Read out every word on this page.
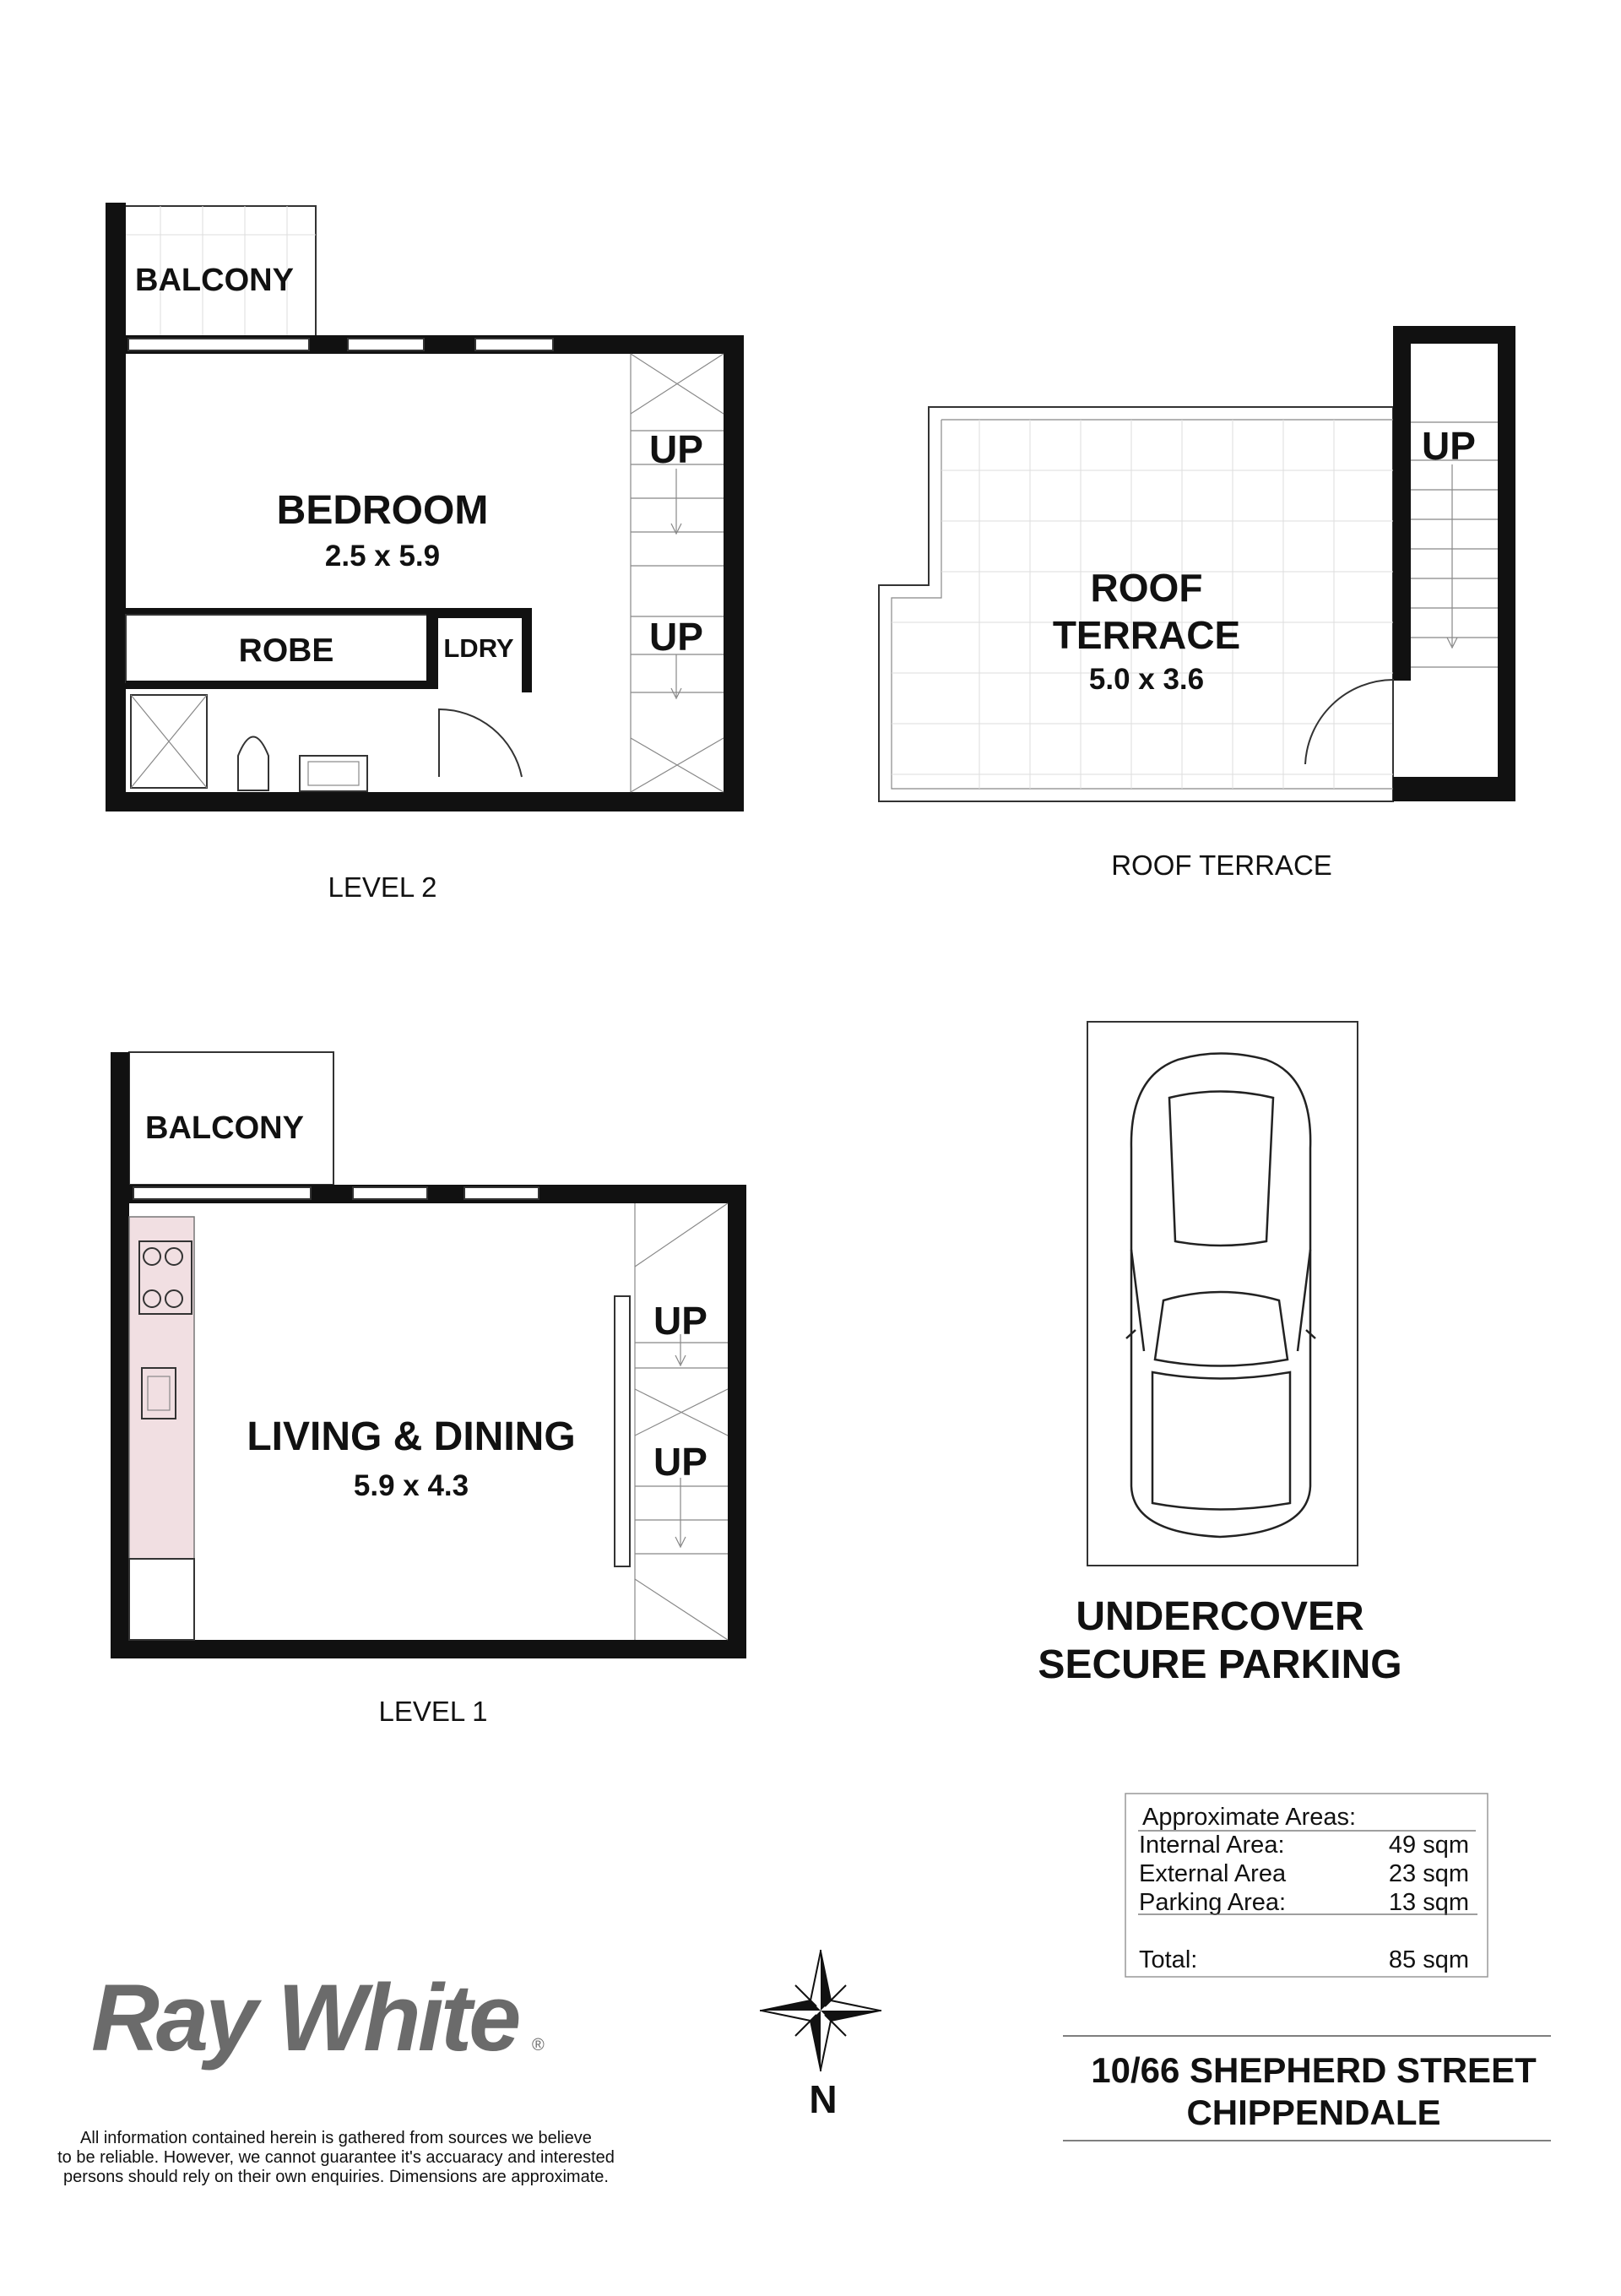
BALCONY
BEDROOM
2.5 x 5.9
ROBE	LDRY
UP
UP
LEVEL 2
ROOF
TERRACE
5.0 x 3.6
UP
ROOF TERRACE
BALCONY
LIVING & DINING
5.9 x 4.3
UP
UP
LEVEL 1
UNDERCOVER
SECURE PARKING
Approximate Areas:
Internal Area:	49 sqm
External Area	23 sqm
Parking Area:	13 sqm
Total:	85 sqm
Ray White ®
N
10/66 SHEPHERD STREET
CHIPPENDALE
All information contained herein is gathered from sources we believe
to be reliable. However, we cannot guarantee it's accuaracy and interested
persons should rely on their own enquiries. Dimensions are approximate.
